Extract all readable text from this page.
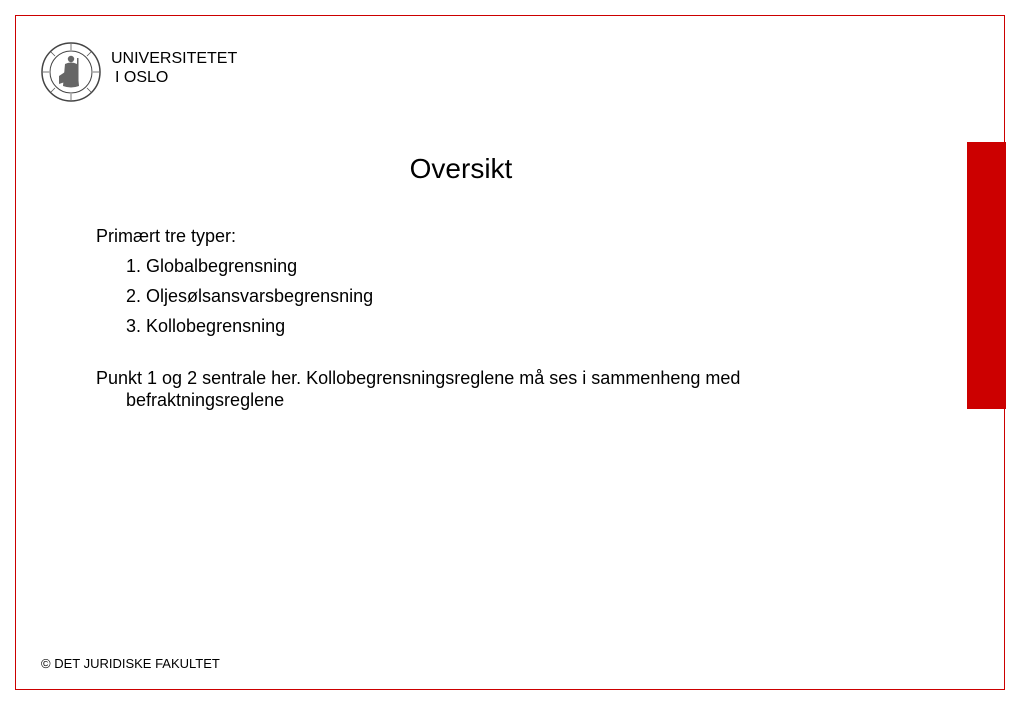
UNIVERSITETET
I OSLO
Oversikt

Primært tre typer:

1. Globalbegrensning
2. Oljesølsansvarsbegrensning
3. Kollobegrensning

Punkt 1 og 2 sentrale her. Kollobegrensningsreglene må ses i sammenheng med befraktningsreglene

© DET JURIDISKE FAKULTET
